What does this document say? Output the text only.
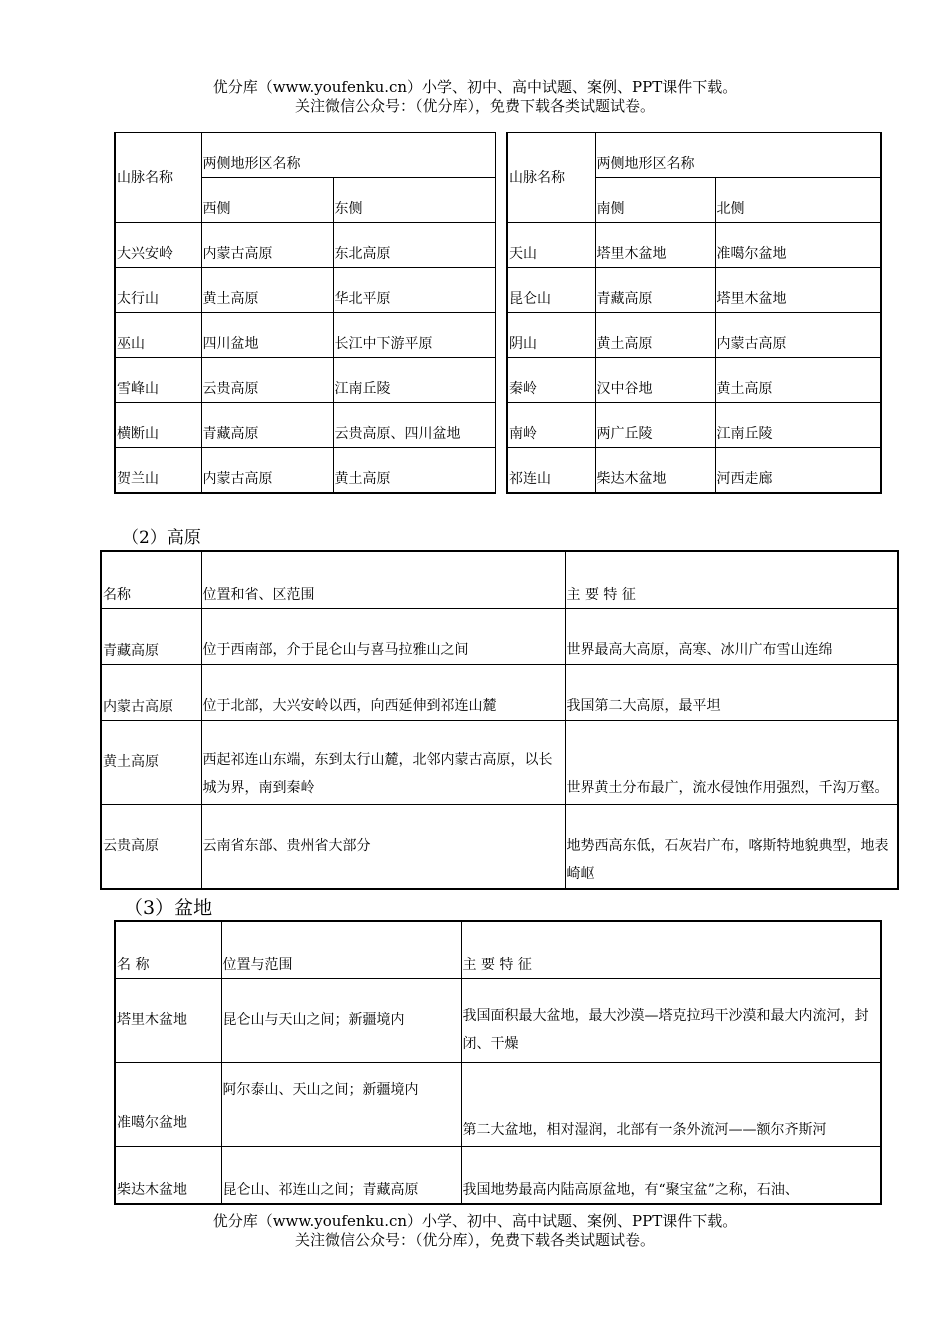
优分库（www.youfenku.cn）小学、初中、高中试题、案例、PPT课件下载。
关注微信公众号：（优分库），免费下载各类试题试卷。
山脉名称	两侧地形区名称	
	西侧	东侧
大兴安岭	内蒙古高原	东北高原
太行山	黄土高原	华北平原
巫山	四川盆地	长江中下游平原
雪峰山	云贵高原	江南丘陵
横断山	青藏高原	云贵高原、四川盆地
贺兰山	内蒙古高原	黄土高原
山脉名称	两侧地形区名称	
	南侧	北侧
天山	塔里木盆地	准噶尔盆地
昆仑山	青藏高原	塔里木盆地
阴山	黄土高原	内蒙古高原
秦岭	汉中谷地	黄土高原
南岭	两广丘陵	江南丘陵
祁连山	柴达木盆地	河西走廊
（2）高原
名称	位置和省、区范围	主 要 特 征
青藏高原	位于西南部，介于昆仑山与喜马拉雅山之间	世界最高大高原，高寒、冰川广布雪山连绵
内蒙古高原	位于北部，大兴安岭以西，向西延伸到祁连山麓	我国第二大高原，最平坦
黄土高原	西起祁连山东端，东到太行山麓，北邻内蒙古高原，以长城为界，南到秦岭	世界黄土分布最广，流水侵蚀作用强烈，千沟万壑。
云贵高原	云南省东部、贵州省大部分	地势西高东低，石灰岩广布，喀斯特地貌典型，地表崎岖
（3）盆地
名 称	位置与范围	主 要 特 征
塔里木盆地	昆仑山与天山之间；新疆境内	我国面积最大盆地，最大沙漠—塔克拉玛干沙漠和最大内流河，封闭、干燥
准噶尔盆地	阿尔泰山、天山之间；新疆境内	第二大盆地，相对湿润，北部有一条外流河——额尔齐斯河
柴达木盆地	昆仑山、祁连山之间；青藏高原	我国地势最高内陆高原盆地，有“聚宝盆”之称，石油、
优分库（www.youfenku.cn）小学、初中、高中试题、案例、PPT课件下载。
关注微信公众号：（优分库），免费下载各类试题试卷。
